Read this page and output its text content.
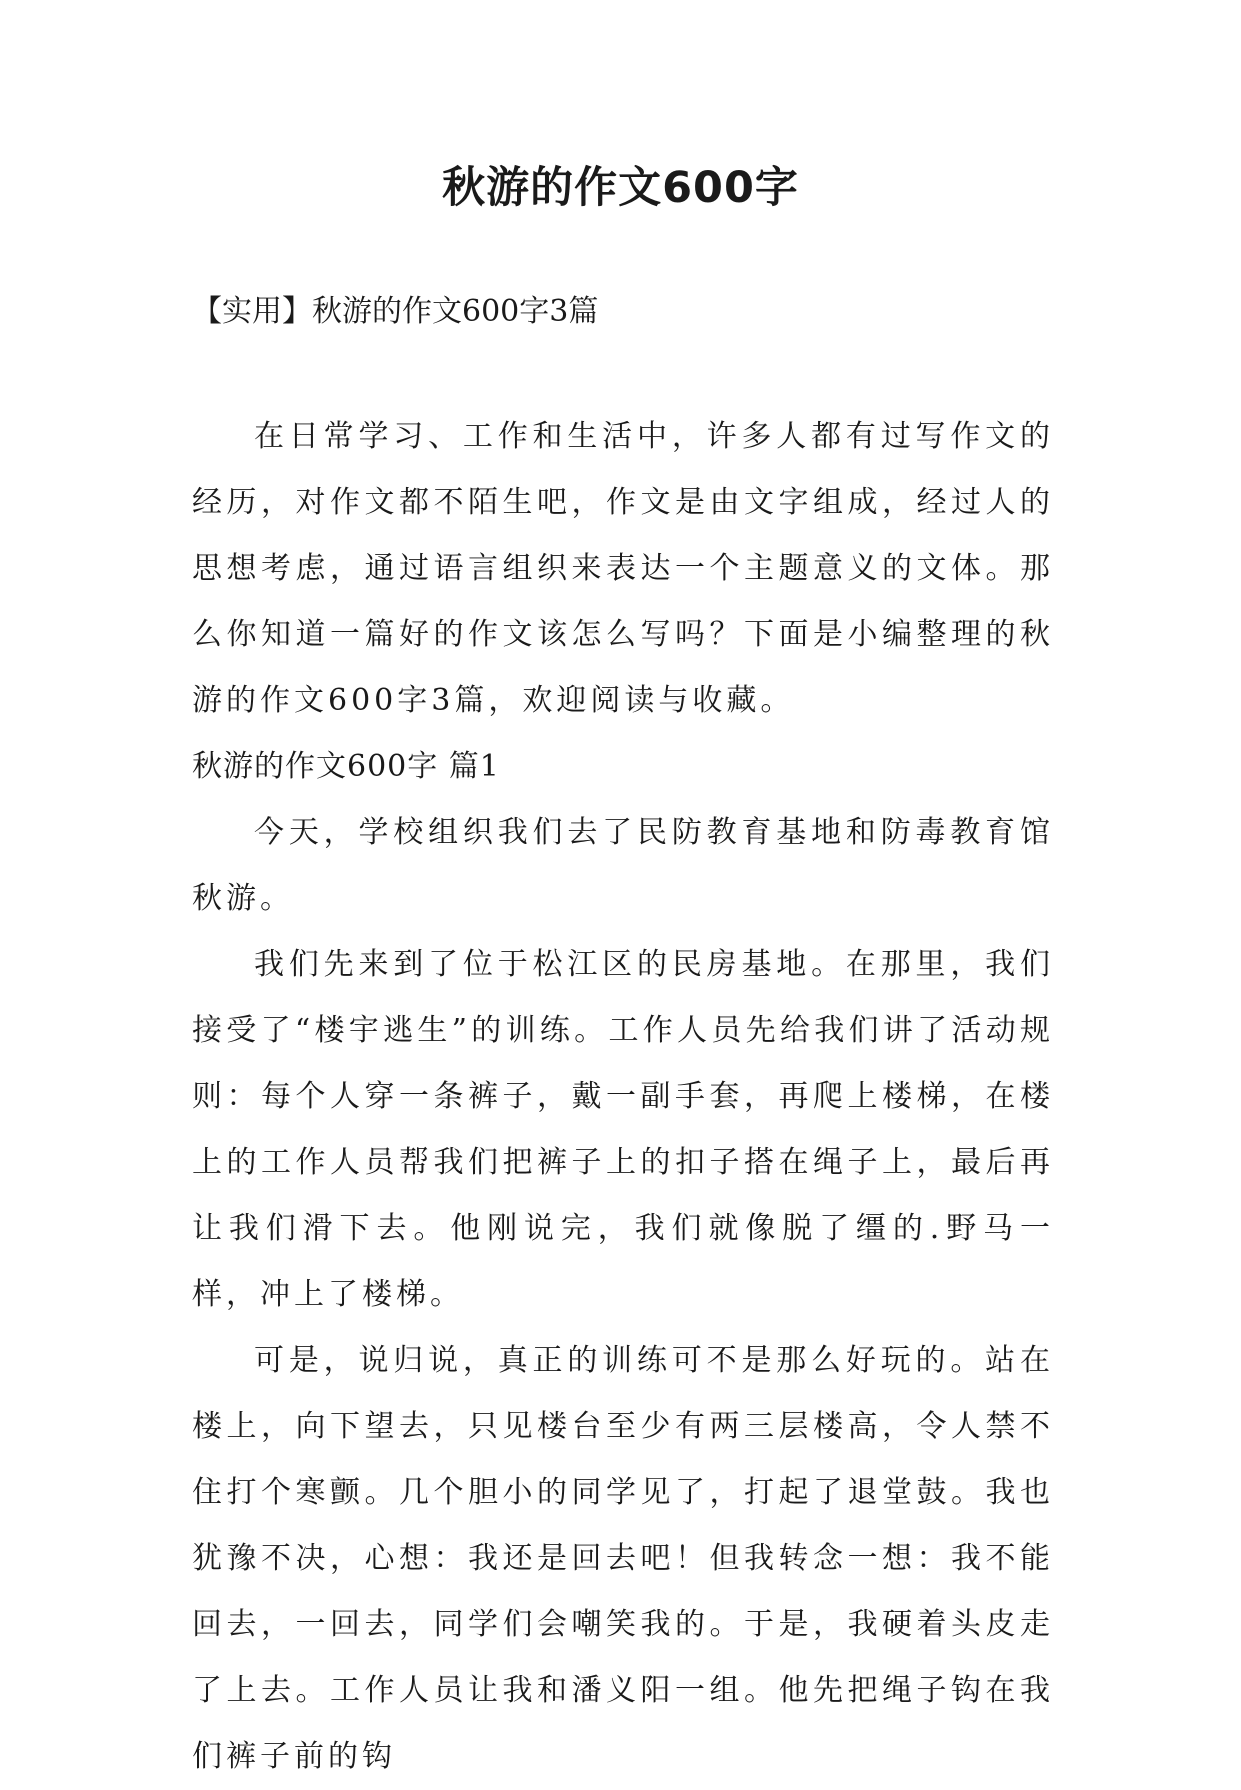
秋游的作文600字

【实用】秋游的作文600字3篇

在日常学习、工作和生活中，许多人都有过写作文的经历，对作文都不陌生吧，作文是由文字组成，经过人的思想考虑，通过语言组织来表达一个主题意义的文体。那么你知道一篇好的作文该怎么写吗？下面是小编整理的秋游的作文600字3篇，欢迎阅读与收藏。

秋游的作文600字 篇1

今天，学校组织我们去了民防教育基地和防毒教育馆秋游。

我们先来到了位于松江区的民房基地。在那里，我们接受了“楼宇逃生”的训练。工作人员先给我们讲了活动规则：每个人穿一条裤子，戴一副手套，再爬上楼梯，在楼上的工作人员帮我们把裤子上的扣子搭在绳子上，最后再让我们滑下去。他刚说完，我们就像脱了缰的.野马一样，冲上了楼梯。

可是，说归说，真正的训练可不是那么好玩的。站在楼上，向下望去，只见楼台至少有两三层楼高，令人禁不住打个寒颤。几个胆小的同学见了，打起了退堂鼓。我也犹豫不决，心想：我还是回去吧！但我转念一想：我不能回去，一回去，同学们会嘲笑我的。于是，我硬着头皮走了上去。工作人员让我和潘义阳一组。他先把绳子钩在我们裤子前的钩
